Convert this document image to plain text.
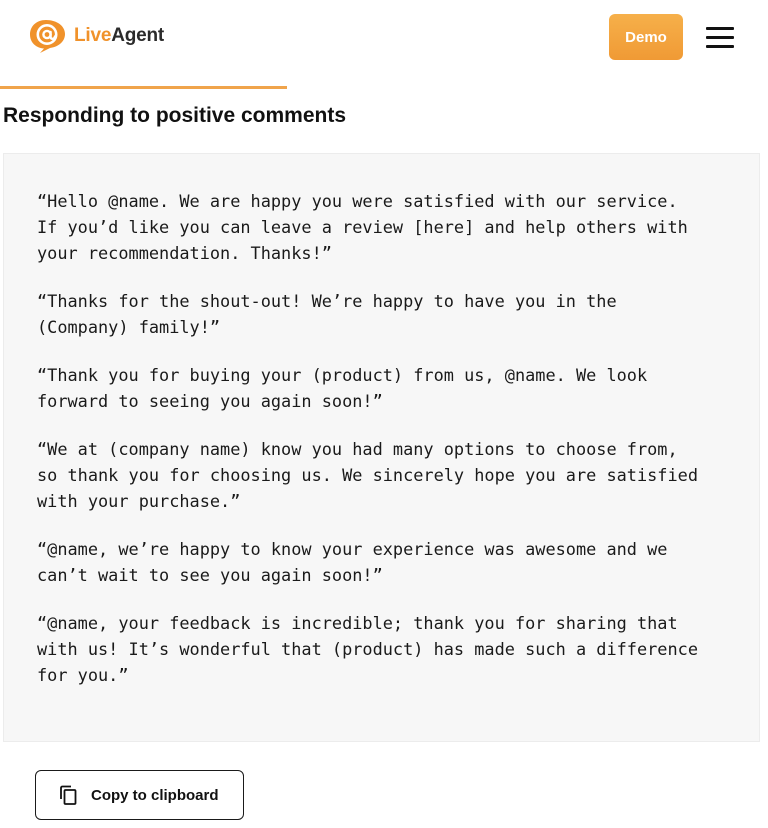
LiveAgent	Demo
Responding to positive comments

“Hello @name. We are happy you were satisfied with our service.
If you’d like you can leave a review [here] and help others with
your recommendation. Thanks!”

“Thanks for the shout-out! We’re happy to have you in the
(Company) family!”

“Thank you for buying your (product) from us, @name. We look
forward to seeing you again soon!”

“We at (company name) know you had many options to choose from,
so thank you for choosing us. We sincerely hope you are satisfied
with your purchase.”

“@name, we’re happy to know your experience was awesome and we
can’t wait to see you again soon!”

“@name, your feedback is incredible; thank you for sharing that
with us! It’s wonderful that (product) has made such a difference
for you.”

Copy to clipboard
